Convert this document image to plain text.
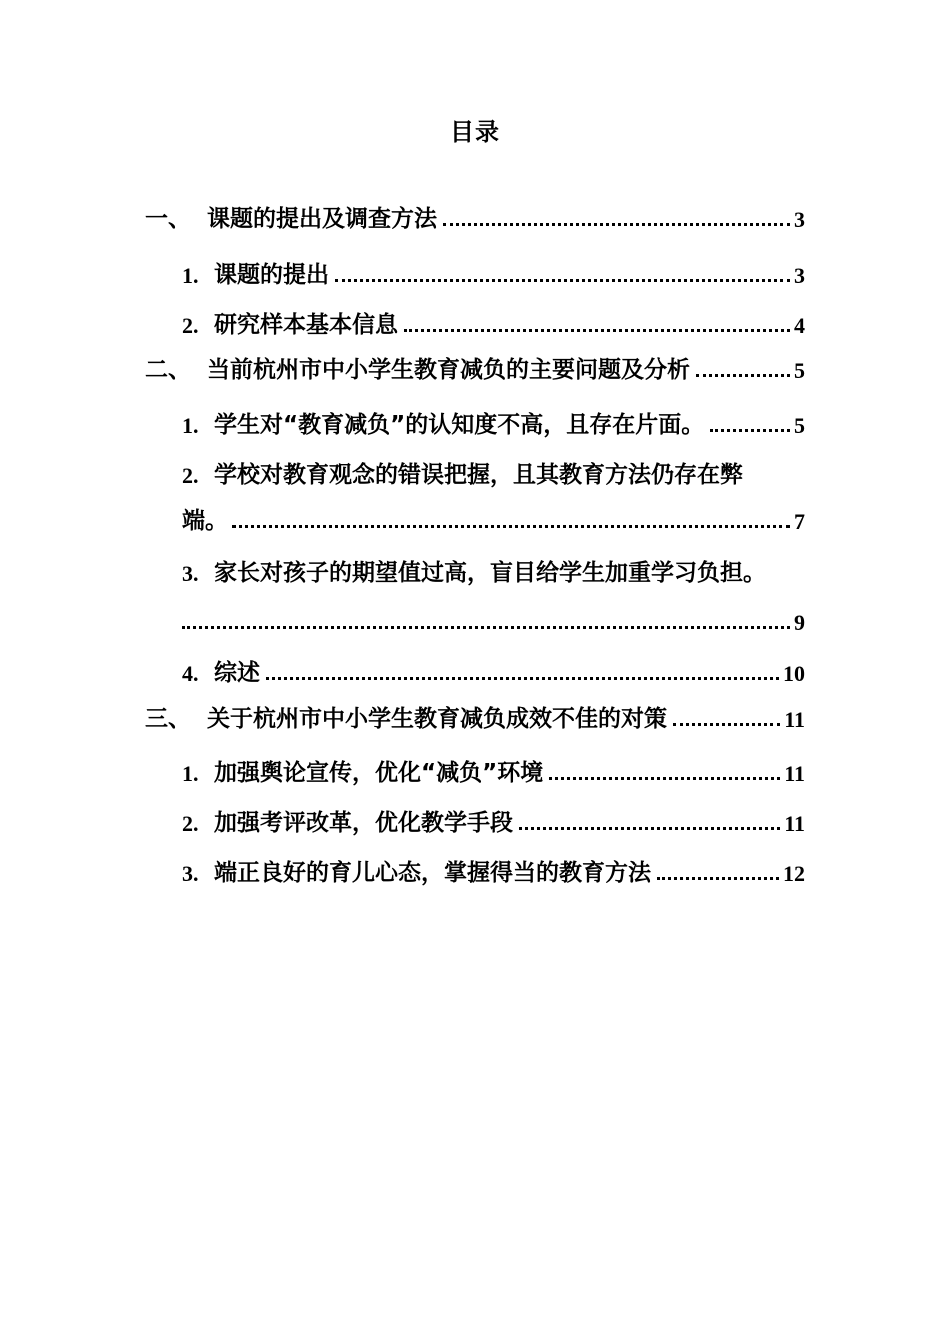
目录
一、 课题的提出及调查方法	3
1. 课题的提出	3
2. 研究样本基本信息	4
二、 当前杭州市中小学生教育减负的主要问题及分析	5
1. 学生对“教育减负”的认知度不高，且存在片面。	5
2. 学校对教育观念的错误把握，且其教育方法仍存在弊
端。	7
3. 家长对孩子的期望值过高，盲目给学生加重学习负担。
9
4. 综述	10
三、 关于杭州市中小学生教育减负成效不佳的对策	11
1. 加强舆论宣传，优化“减负”环境	11
2. 加强考评改革，优化教学手段	11
3. 端正良好的育儿心态，掌握得当的教育方法	12
